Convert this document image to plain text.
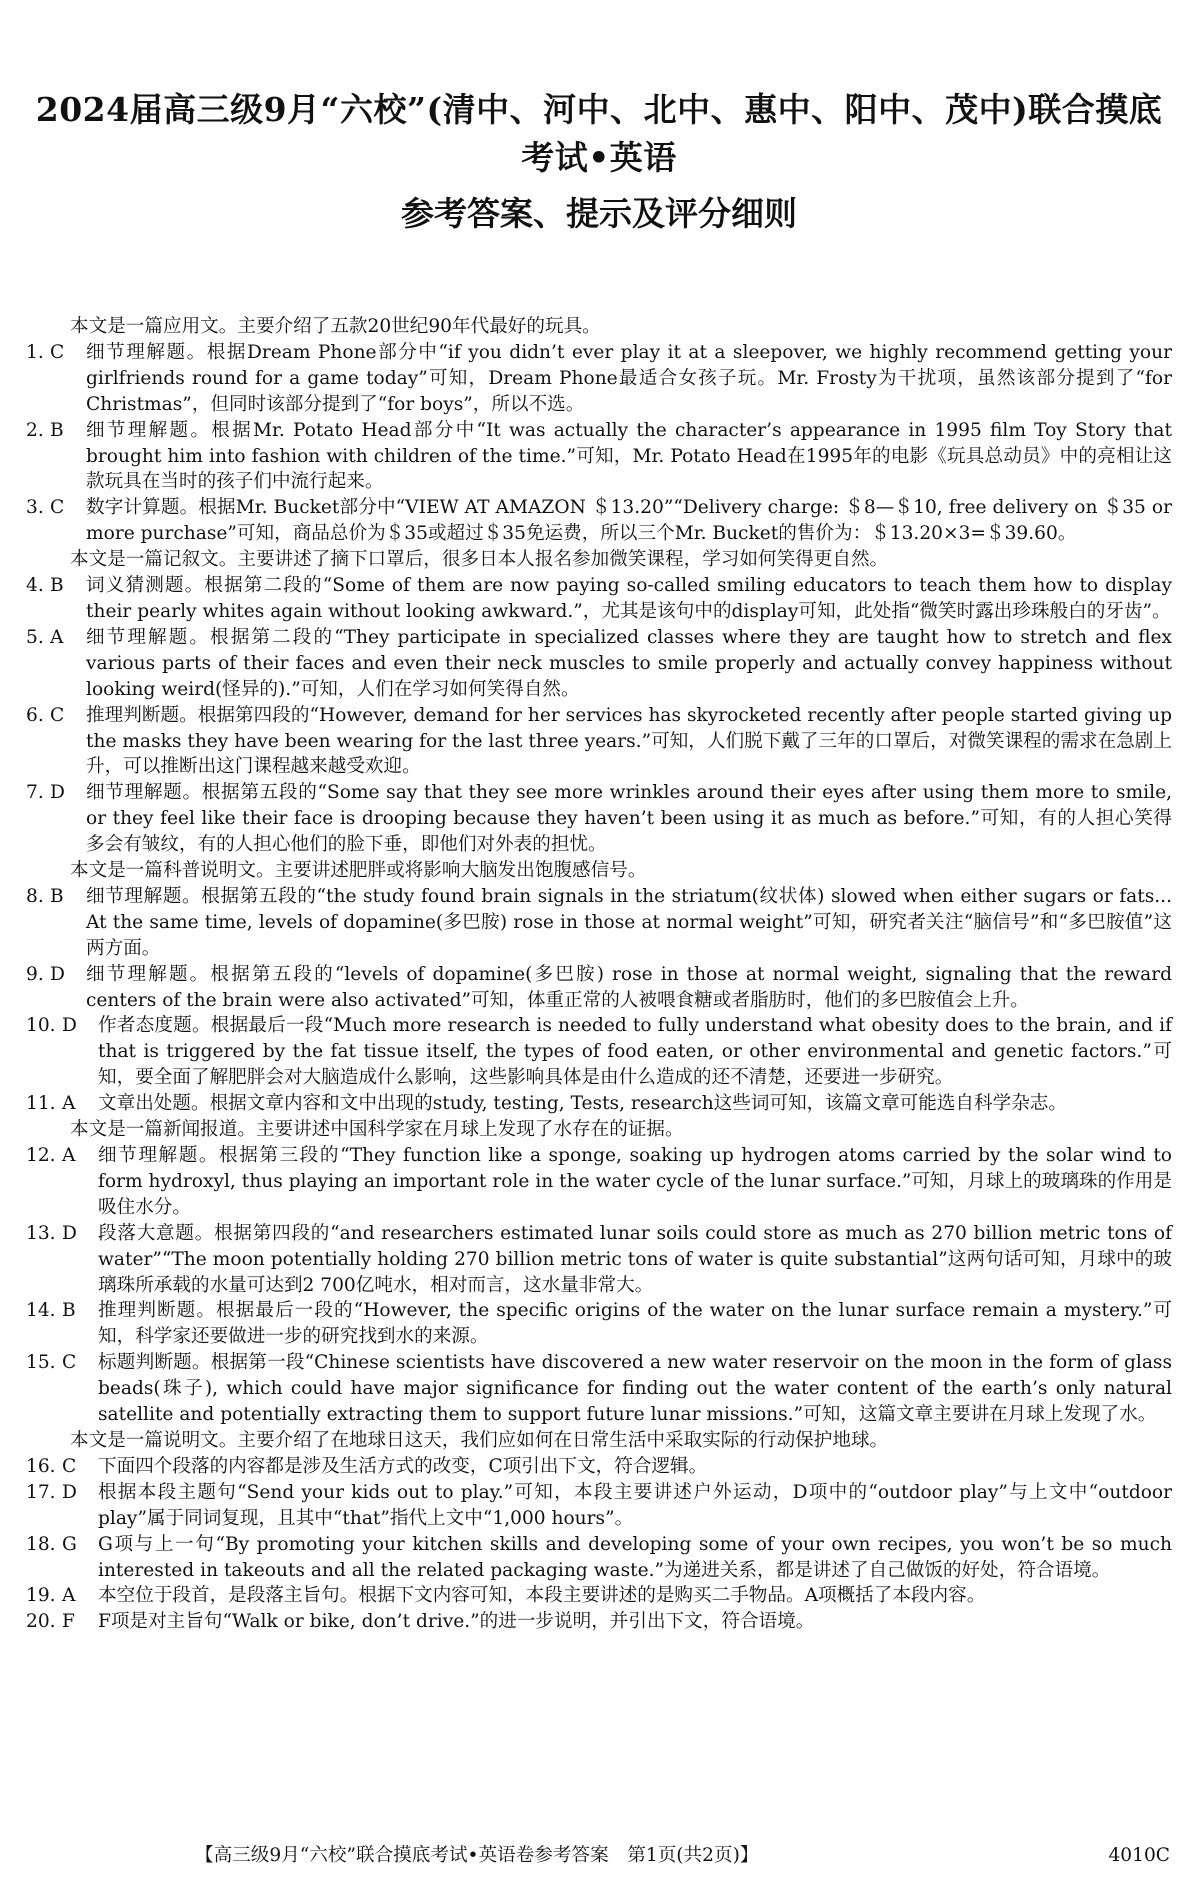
2024届高三级9月“六校”(清中、河中、北中、惠中、阳中、茂中)联合摸底考试•英语
参考答案、提示及评分细则

本文是一篇应用文。主要介绍了五款20世纪90年代最好的玩具。

1. C	细节理解题。根据Dream Phone部分中“if you didn’t ever play it at a sleepover, we highly recommend getting your girlfriends round for a game today”可知，Dream Phone最适合女孩子玩。Mr. Frosty为干扰项，虽然该部分提到了“for Christmas”，但同时该部分提到了“for boys”，所以不选。
2. B	细节理解题。根据Mr. Potato Head部分中“It was actually the character’s appearance in 1995 film Toy Story that brought him into fashion with children of the time.”可知，Mr. Potato Head在1995年的电影《玩具总动员》中的亮相让这款玩具在当时的孩子们中流行起来。
3. C	数字计算题。根据Mr. Bucket部分中“VIEW AT AMAZON ＄13.20”“Delivery charge: ＄8—＄10, free delivery on ＄35 or more purchase”可知，商品总价为＄35或超过＄35免运费，所以三个Mr. Bucket的售价为：＄13.20×3=＄39.60。

本文是一篇记叙文。主要讲述了摘下口罩后，很多日本人报名参加微笑课程，学习如何笑得更自然。

4. B	词义猜测题。根据第二段的“Some of them are now paying so-called smiling educators to teach them how to display their pearly whites again without looking awkward.”，尤其是该句中的display可知，此处指“微笑时露出珍珠般白的牙齿”。
5. A	细节理解题。根据第二段的“They participate in specialized classes where they are taught how to stretch and flex various parts of their faces and even their neck muscles to smile properly and actually convey happiness without looking weird(怪异的).”可知，人们在学习如何笑得自然。
6. C	推理判断题。根据第四段的“However, demand for her services has skyrocketed recently after people started giving up the masks they have been wearing for the last three years.”可知，人们脱下戴了三年的口罩后，对微笑课程的需求在急剧上升，可以推断出这门课程越来越受欢迎。
7. D	细节理解题。根据第五段的“Some say that they see more wrinkles around their eyes after using them more to smile, or they feel like their face is drooping because they haven’t been using it as much as before.”可知，有的人担心笑得多会有皱纹，有的人担心他们的脸下垂，即他们对外表的担忧。

本文是一篇科普说明文。主要讲述肥胖或将影响大脑发出饱腹感信号。

8. B	细节理解题。根据第五段的“the study found brain signals in the striatum(纹状体) slowed when either sugars or fats... At the same time, levels of dopamine(多巴胺) rose in those at normal weight”可知，研究者关注“脑信号”和“多巴胺值”这两方面。
9. D	细节理解题。根据第五段的“levels of dopamine(多巴胺) rose in those at normal weight, signaling that the reward centers of the brain were also activated”可知，体重正常的人被喂食糖或者脂肪时，他们的多巴胺值会上升。
10. D	作者态度题。根据最后一段“Much more research is needed to fully understand what obesity does to the brain, and if that is triggered by the fat tissue itself, the types of food eaten, or other environmental and genetic factors.”可知，要全面了解肥胖会对大脑造成什么影响，这些影响具体是由什么造成的还不清楚，还要进一步研究。
11. A	文章出处题。根据文章内容和文中出现的study, testing, Tests, research这些词可知，该篇文章可能选自科学杂志。

本文是一篇新闻报道。主要讲述中国科学家在月球上发现了水存在的证据。

12. A	细节理解题。根据第三段的“They function like a sponge, soaking up hydrogen atoms carried by the solar wind to form hydroxyl, thus playing an important role in the water cycle of the lunar surface.”可知，月球上的玻璃珠的作用是吸住水分。
13. D	段落大意题。根据第四段的“and researchers estimated lunar soils could store as much as 270 billion metric tons of water”“The moon potentially holding 270 billion metric tons of water is quite substantial”这两句话可知，月球中的玻璃珠所承载的水量可达到2 700亿吨水，相对而言，这水量非常大。
14. B	推理判断题。根据最后一段的“However, the specific origins of the water on the lunar surface remain a mystery.”可知，科学家还要做进一步的研究找到水的来源。
15. C	标题判断题。根据第一段“Chinese scientists have discovered a new water reservoir on the moon in the form of glass beads(珠子), which could have major significance for finding out the water content of the earth’s only natural satellite and potentially extracting them to support future lunar missions.”可知，这篇文章主要讲在月球上发现了水。

本文是一篇说明文。主要介绍了在地球日这天，我们应如何在日常生活中采取实际的行动保护地球。

16. C	下面四个段落的内容都是涉及生活方式的改变，C项引出下文，符合逻辑。
17. D	根据本段主题句“Send your kids out to play.”可知，本段主要讲述户外运动，D项中的“outdoor play”与上文中“outdoor play”属于同词复现，且其中“that”指代上文中“1,000 hours”。
18. G	G项与上一句“By promoting your kitchen skills and developing some of your own recipes, you won’t be so much interested in takeouts and all the related packaging waste.”为递进关系，都是讲述了自己做饭的好处，符合语境。
19. A	本空位于段首，是段落主旨句。根据下文内容可知，本段主要讲述的是购买二手物品。A项概括了本段内容。
20. F	F项是对主旨句“Walk or bike, don’t drive.”的进一步说明，并引出下文，符合语境。
【高三级9月“六校”联合摸底考试•英语卷参考答案　第1页(共2页)】	4010C
